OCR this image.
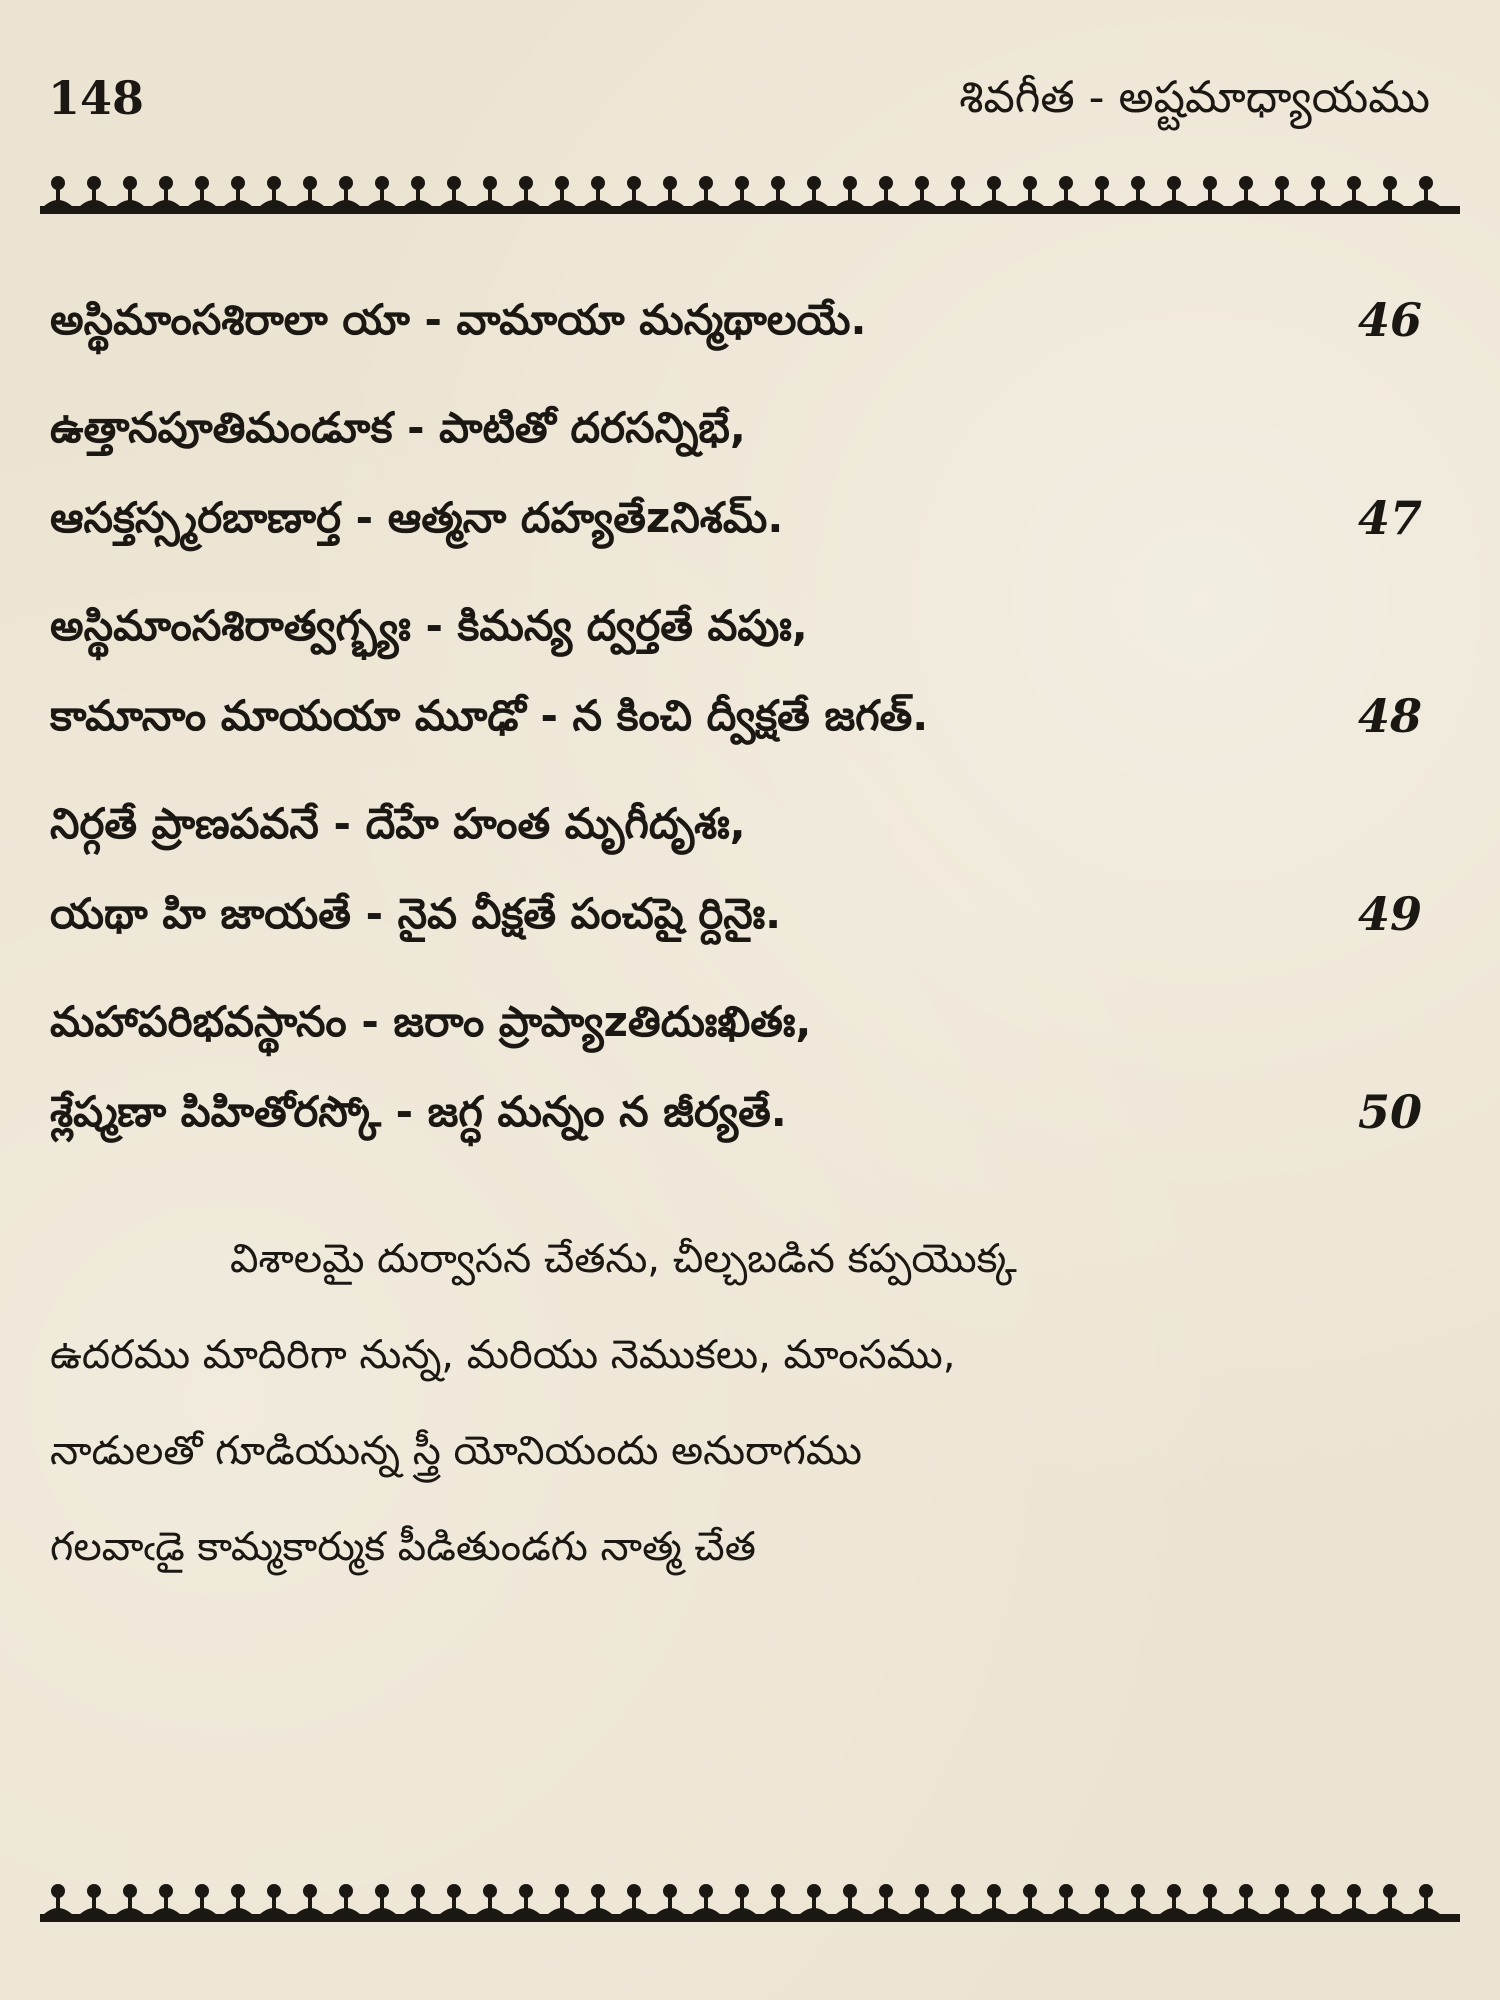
148	శివగీత - అష్టమాధ్యాయము
అస్థిమాంసశిరాలా యా - వామాయా మన్మథాలయే.	46
ఉత్తానపూతిమండూక - పాటితో దరసన్నిభే,
ఆసక్తస్స్మరబాణార్త - ఆత్మనా దహ్యతేzనిశమ్.	47
అస్థిమాంసశిరాత్వగ్భ్యః - కిమన్య ద్వర్తతే వపుః,
కామానాం మాయయా మూఢో - న కించి ద్వీక్షతే జగత్.	48
నిర్గతే ప్రాణపవనే - దేహే హంత మృగీదృశః,
యథా హి జాయతే - నైవ వీక్షతే పంచషై ర్దినైః.	49
మహాపరిభవస్థానం - జరాం ప్రాప్యాzతిదుఃఖితః,
శ్లేష్మణా పిహితోరస్కో - జగ్ధ మన్నం న జీర్యతే.	50
విశాలమై దుర్వాసన చేతను, చీల్చబడిన కప్పయొక్క
ఉదరము మాదిరిగా నున్న, మరియు నెముకలు, మాంసము,
నాడులతో గూడియున్న స్త్రీ యోనియందు అనురాగము
గలవాఁడై కామ్మకార్ముక పీడితుండగు నాత్మ చేత
